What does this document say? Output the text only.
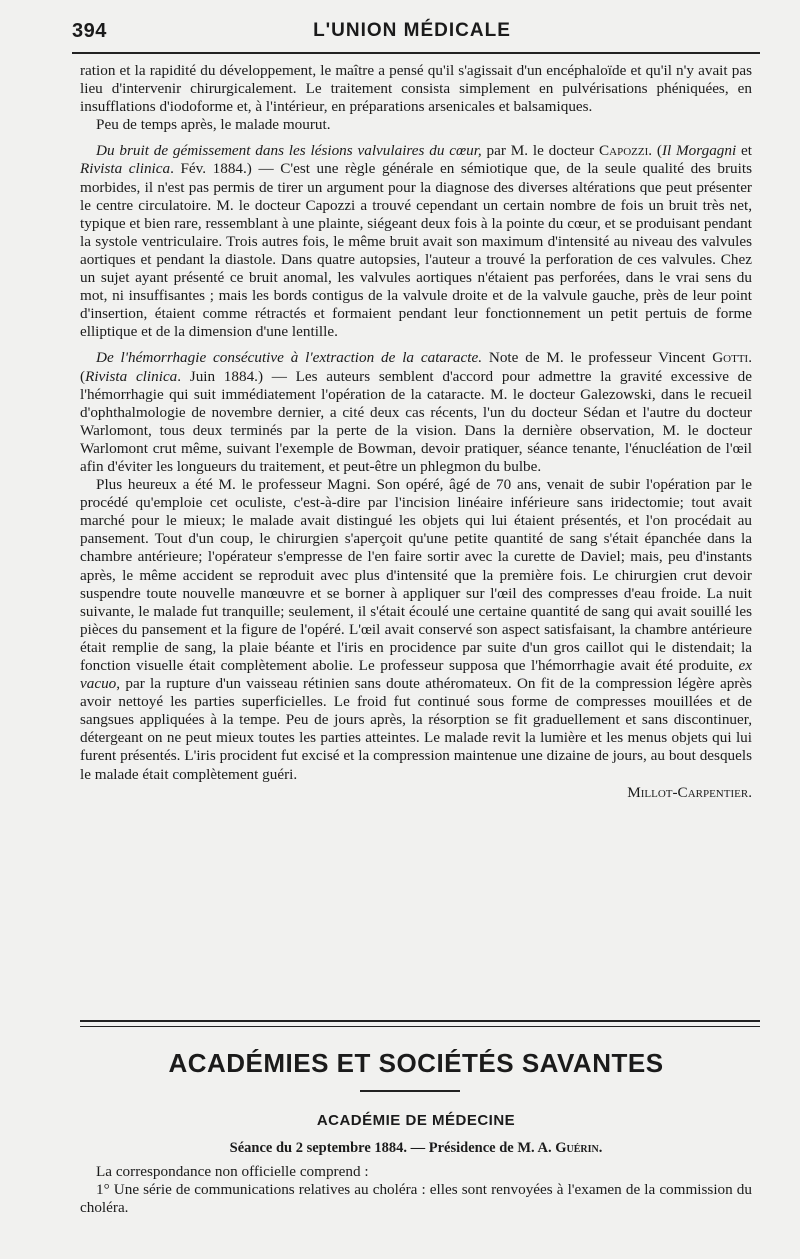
394	L'UNION MÉDICALE

ration et la rapidité du développement, le maître a pensé qu'il s'agissait d'un encéphaloïde et qu'il n'y avait pas lieu d'intervenir chirurgicalement. Le traitement consista simplement en pulvérisations phéniquées, en insufflations d'iodoforme et, à l'intérieur, en préparations arsenicales et balsamiques.

Peu de temps après, le malade mourut.

Du bruit de gémissement dans les lésions valvulaires du cœur, par M. le docteur Capozzi. (Il Morgagni et Rivista clinica. Fév. 1884.) — C'est une règle générale en sémiotique que, de la seule qualité des bruits morbides, il n'est pas permis de tirer un argument pour la diagnose des diverses altérations que peut présenter le centre circulatoire. M. le docteur Capozzi a trouvé cependant un certain nombre de fois un bruit très net, typique et bien rare, ressemblant à une plainte, siégeant deux fois à la pointe du cœur, et se produisant pendant la systole ventriculaire. Trois autres fois, le même bruit avait son maximum d'intensité au niveau des valvules aortiques et pendant la diastole. Dans quatre autopsies, l'auteur a trouvé la perforation de ces valvules. Chez un sujet ayant présenté ce bruit anomal, les valvules aortiques n'étaient pas perforées, dans le vrai sens du mot, ni insuffisantes ; mais les bords contigus de la valvule droite et de la valvule gauche, près de leur point d'insertion, étaient comme rétractés et formaient pendant leur fonctionnement un petit pertuis de forme elliptique et de la dimension d'une lentille.

De l'hémorrhagie consécutive à l'extraction de la cataracte. Note de M. le professeur Vincent Gotti. (Rivista clinica. Juin 1884.) — Les auteurs semblent d'accord pour admettre la gravité excessive de l'hémorrhagie qui suit immédiatement l'opération de la cataracte. M. le docteur Galezowski, dans le recueil d'ophthalmologie de novembre dernier, a cité deux cas récents, l'un du docteur Sédan et l'autre du docteur Warlomont, tous deux terminés par la perte de la vision. Dans la dernière observation, M. le docteur Warlomont crut même, suivant l'exemple de Bowman, devoir pratiquer, séance tenante, l'énucléation de l'œil afin d'éviter les longueurs du traitement, et peut-être un phlegmon du bulbe.

Plus heureux a été M. le professeur Magni. Son opéré, âgé de 70 ans, venait de subir l'opération par le procédé qu'emploie cet oculiste, c'est-à-dire par l'incision linéaire inférieure sans iridectomie; tout avait marché pour le mieux; le malade avait distingué les objets qui lui étaient présentés, et l'on procédait au pansement. Tout d'un coup, le chirurgien s'aperçoit qu'une petite quantité de sang s'était épanchée dans la chambre antérieure; l'opérateur s'empresse de l'en faire sortir avec la curette de Daviel; mais, peu d'instants après, le même accident se reproduit avec plus d'intensité que la première fois. Le chirurgien crut devoir suspendre toute nouvelle manœuvre et se borner à appliquer sur l'œil des compresses d'eau froide. La nuit suivante, le malade fut tranquille; seulement, il s'était écoulé une certaine quantité de sang qui avait souillé les pièces du pansement et la figure de l'opéré. L'œil avait conservé son aspect satisfaisant, la chambre antérieure était remplie de sang, la plaie béante et l'iris en procidence par suite d'un gros caillot qui le distendait; la fonction visuelle était complètement abolie. Le professeur supposa que l'hémorrhagie avait été produite, ex vacuo, par la rupture d'un vaisseau rétinien sans doute athéromateux. On fit de la compression légère après avoir nettoyé les parties superficielles. Le froid fut continué sous forme de compresses mouillées et de sangsues appliquées à la tempe. Peu de jours après, la résorption se fit graduellement et sans discontinuer, détergeant on ne peut mieux toutes les parties atteintes. Le malade revit la lumière et les menus objets qui lui furent présentés. L'iris procident fut excisé et la compression maintenue une dizaine de jours, au bout desquels le malade était complètement guéri.

Millot-Carpentier.

ACADÉMIES ET SOCIÉTÉS SAVANTES
ACADÉMIE DE MÉDECINE
Séance du 2 septembre 1884. — Présidence de M. A. Guérin.

La correspondance non officielle comprend :

1° Une série de communications relatives au choléra : elles sont renvoyées à l'examen de la commission du choléra.
